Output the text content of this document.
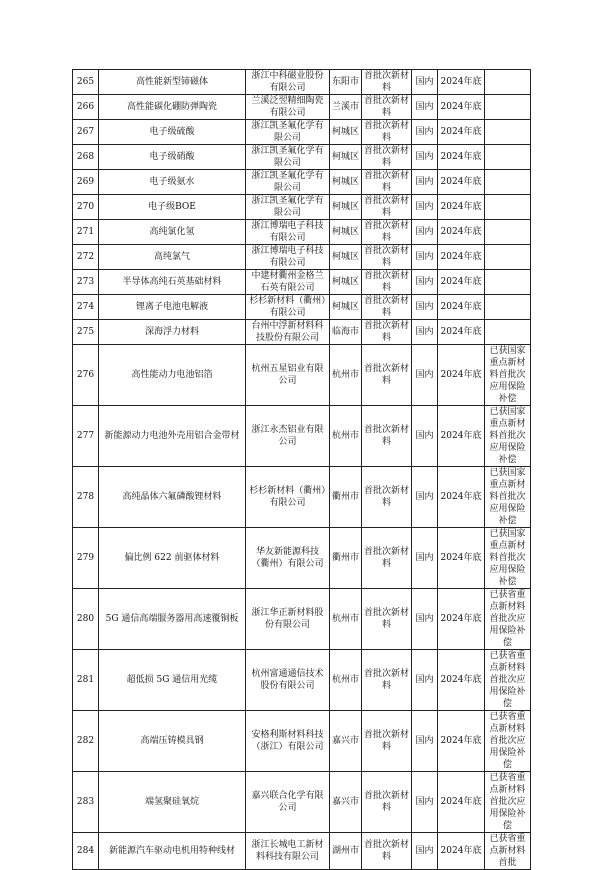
265	高性能新型铈磁体	浙江中科磁业股份有限公司	东阳市	首批次新材料	国内	2024年底	
266	高性能碳化硼防弹陶瓷	兰溪泛翌精细陶瓷有限公司	兰溪市	首批次新材料	国内	2024年底	
267	电子级硫酸	浙江凯圣氟化学有限公司	柯城区	首批次新材料	国内	2024年底	
268	电子级硝酸	浙江凯圣氟化学有限公司	柯城区	首批次新材料	国内	2024年底	
269	电子级氨水	浙江凯圣氟化学有限公司	柯城区	首批次新材料	国内	2024年底	
270	电子级BOE	浙江凯圣氟化学有限公司	柯城区	首批次新材料	国内	2024年底	
271	高纯氯化氢	浙江博瑞电子科技有限公司	柯城区	首批次新材料	国内	2024年底	
272	高纯氯气	浙江博瑞电子科技有限公司	柯城区	首批次新材料	国内	2024年底	
273	半导体高纯石英基础材料	中建材衢州金格兰石英有限公司	柯城区	首批次新材料	国内	2024年底	
274	锂离子电池电解液	杉杉新材料（衢州）有限公司	柯城区	首批次新材料	国内	2024年底	
275	深海浮力材料	台州中浮新材料科技股份有限公司	临海市	首批次新材料	国内	2024年底	
276	高性能动力电池铝箔	杭州五星铝业有限公司	杭州市	首批次新材料	国内	2024年底	已获国家重点新材料首批次应用保险补偿
277	新能源动力电池外壳用铝合金带材	浙江永杰铝业有限公司	杭州市	首批次新材料	国内	2024年底	已获国家重点新材料首批次应用保险补偿
278	高纯晶体六氟磷酸锂材料	杉杉新材料（衢州）有限公司	衢州市	首批次新材料	国内	2024年底	已获国家重点新材料首批次应用保险补偿
279	偏比例 622 前驱体材料	华友新能源科技（衢州）有限公司	衢州市	首批次新材料	国内	2024年底	已获国家重点新材料首批次应用保险补偿
280	5G 通信高端服务器用高速覆铜板	浙江华正新材料股份有限公司	杭州市	首批次新材料	国内	2024年底	已获省重点新材料首批次应用保险补偿
281	超低损 5G 通信用光缆	杭州富通通信技术股份有限公司	杭州市	首批次新材料	国内	2024年底	已获省重点新材料首批次应用保险补偿
282	高端压铸模具钢	安格利斯材料科技（浙江）有限公司	嘉兴市	首批次新材料	国内	2024年底	已获省重点新材料首批次应用保险补偿
283	端氢聚硅氧烷	嘉兴联合化学有限公司	嘉兴市	首批次新材料	国内	2024年底	已获省重点新材料首批次应用保险补偿
284	新能源汽车驱动电机用特种线材	浙江长城电工新材料科技有限公司	湖州市	首批次新材料	国内	2024年底	已获省重点新材料首批
